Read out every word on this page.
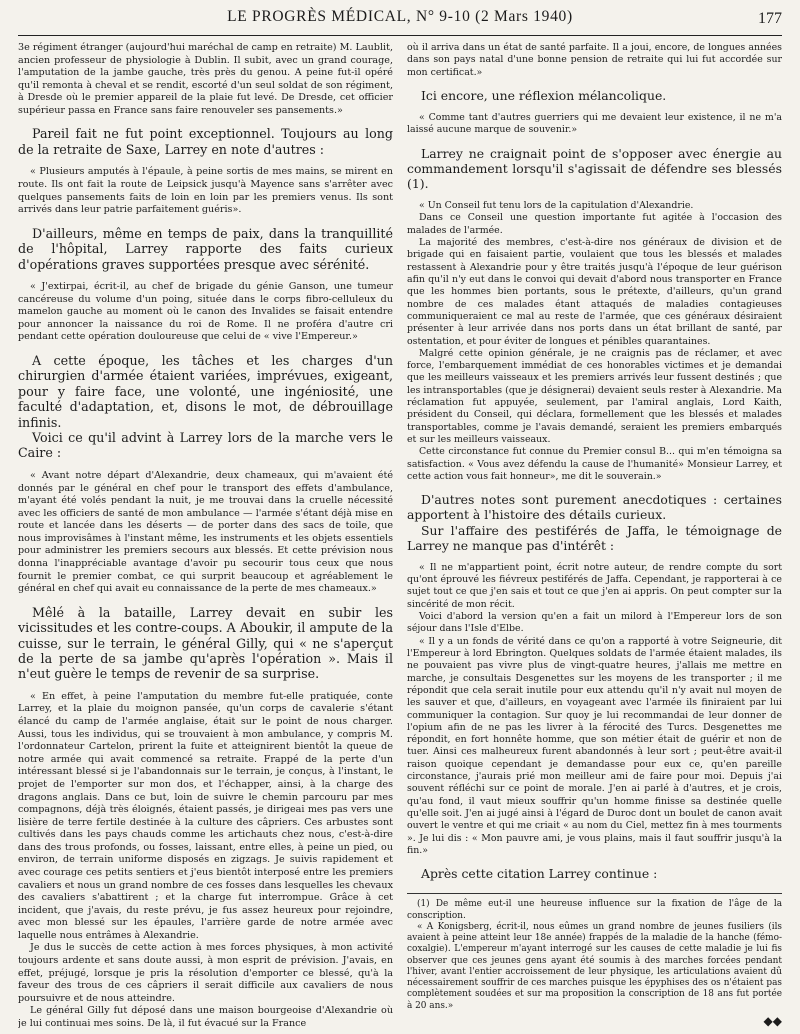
LE PROGRÈS MÉDICAL, N° 9-10 (2 Mars 1940)	177

3e régiment étranger (aujourd'hui maréchal de camp en retraite) M. Laublit, ancien professeur de physiologie à Dublin. Il subit, avec un grand courage, l'amputation de la jambe gauche, très près du genou. A peine fut-il opéré qu'il remonta à cheval et se rendit, escorté d'un seul soldat de son régiment, à Dresde où le premier appareil de la plaie fut levé. De Dresde, cet officier supérieur passa en France sans faire renouveler ses pansements.»

Pareil fait ne fut point exceptionnel. Toujours au long de la retraite de Saxe, Larrey en note d'autres :

« Plusieurs amputés à l'épaule, à peine sortis de mes mains, se mirent en route. Ils ont fait la route de Leipsick jusqu'à Mayence sans s'arrêter avec quelques pansements faits de loin en loin par les premiers venus. Ils sont arrivés dans leur patrie parfaitement guéris».

D'ailleurs, même en temps de paix, dans la tranquillité de l'hôpital, Larrey rapporte des faits curieux d'opérations graves supportées presque avec sérénité.

« J'extirpai, écrit-il, au chef de brigade du génie Ganson, une tumeur cancéreuse du volume d'un poing, située dans le corps fibro-celluleux du mamelon gauche au moment où le canon des Invalides se faisait entendre pour annoncer la naissance du roi de Rome. Il ne proféra d'autre cri pendant cette opération douloureuse que celui de « vive l'Empereur.»

A cette époque, les tâches et les charges d'un chirurgien d'armée étaient variées, imprévues, exigeant, pour y faire face, une volonté, une ingéniosité, une faculté d'adaptation, et, disons le mot, de débrouillage infinis.

Voici ce qu'il advint à Larrey lors de la marche vers le Caire :

« Avant notre départ d'Alexandrie, deux chameaux, qui m'avaient été donnés par le général en chef pour le transport des effets d'ambulance, m'ayant été volés pendant la nuit, je me trouvai dans la cruelle nécessité avec les officiers de santé de mon ambulance — l'armée s'étant déjà mise en route et lancée dans les déserts — de porter dans des sacs de toile, que nous improvisâmes à l'instant même, les instruments et les objets essentiels pour administrer les premiers secours aux blessés. Et cette prévision nous donna l'inappréciable avantage d'avoir pu secourir tous ceux que nous fournit le premier combat, ce qui surprit beaucoup et agréablement le général en chef qui avait eu connaissance de la perte de mes chameaux.»

Mêlé à la bataille, Larrey devait en subir les vicissitudes et les contre-coups. A Aboukir, il ampute de la cuisse, sur le terrain, le général Gilly, qui « ne s'aperçut de la perte de sa jambe qu'après l'opération ». Mais il n'eut guère le temps de revenir de sa surprise.

« En effet, à peine l'amputation du membre fut-elle pratiquée, conte Larrey, et la plaie du moignon pansée, qu'un corps de cavalerie s'étant élancé du camp de l'armée anglaise, était sur le point de nous charger. Aussi, tous les individus, qui se trouvaient à mon ambulance, y compris M. l'ordonnateur Cartelon, prirent la fuite et atteignirent bientôt la queue de notre armée qui avait commencé sa retraite. Frappé de la perte d'un intéressant blessé si je l'abandonnais sur le terrain, je conçus, à l'instant, le projet de l'emporter sur mon dos, et l'échapper, ainsi, à la charge des dragons anglais. Dans ce but, loin de suivre le chemin parcouru par mes compagnons, déjà très éloignés, étaient passés, je dirigeai mes pas vers une lisière de terre fertile destinée à la culture des câpriers. Ces arbustes sont cultivés dans les pays chauds comme les artichauts chez nous, c'est-à-dire dans des trous profonds, ou fosses, laissant, entre elles, à peine un pied, ou environ, de terrain uniforme disposés en zigzags. Je suivis rapidement et avec courage ces petits sentiers et j'eus bientôt interposé entre les premiers cavaliers et nous un grand nombre de ces fosses dans lesquelles les chevaux des cavaliers s'abattirent ; et la charge fut interrompue. Grâce à cet incident, que j'avais, du reste prévu, je fus assez heureux pour rejoindre, avec mon blessé sur les épaules, l'arrière garde de notre armée avec laquelle nous entrâmes à Alexandrie.

Je dus le succès de cette action à mes forces physiques, à mon activité toujours ardente et sans doute aussi, à mon esprit de prévision. J'avais, en effet, préjugé, lorsque je pris la résolution d'emporter ce blessé, qu'à la faveur des trous de ces câpriers il serait difficile aux cavaliers de nous poursuivre et de nous atteindre.

Le général Gilly fut déposé dans une maison bourgeoise d'Alexandrie où je lui continuai mes soins. De là, il fut évacué sur la France

où il arriva dans un état de santé parfaite. Il a joui, encore, de longues années dans son pays natal d'une bonne pension de retraite qui lui fut accordée sur mon certificat.»

Ici encore, une réflexion mélancolique.

« Comme tant d'autres guerriers qui me devaient leur existence, il ne m'a laissé aucune marque de souvenir.»

Larrey ne craignait point de s'opposer avec énergie au commandement lorsqu'il s'agissait de défendre ses blessés (1).

« Un Conseil fut tenu lors de la capitulation d'Alexandrie.

Dans ce Conseil une question importante fut agitée à l'occasion des malades de l'armée.

La majorité des membres, c'est-à-dire nos généraux de division et de brigade qui en faisaient partie, voulaient que tous les blessés et malades restassent à Alexandrie pour y être traités jusqu'à l'époque de leur guérison afin qu'il n'y eut dans le convoi qui devait d'abord nous transporter en France que les hommes bien portants, sous le prétexte, d'ailleurs, qu'un grand nombre de ces malades étant attaqués de maladies contagieuses communiqueraient ce mal au reste de l'armée, que ces généraux désiraient présenter à leur arrivée dans nos ports dans un état brillant de santé, par ostentation, et pour éviter de longues et pénibles quarantaines.

Malgré cette opinion générale, je ne craignis pas de réclamer, et avec force, l'embarquement immédiat de ces honorables victimes et je demandai que les meilleurs vaisseaux et les premiers arrivés leur fussent destinés ; que les intransportables (que je désignerai) devaient seuls rester à Alexandrie. Ma réclamation fut appuyée, seulement, par l'amiral anglais, Lord Kaith, président du Conseil, qui déclara, formellement que les blessés et malades transportables, comme je l'avais demandé, seraient les premiers embarqués et sur les meilleurs vaisseaux.

Cette circonstance fut connue du Premier consul B... qui m'en témoigna sa satisfaction. « Vous avez défendu la cause de l'humanité» Monsieur Larrey, et cette action vous fait honneur», me dit le souverain.»

D'autres notes sont purement anecdotiques : certaines apportent à l'histoire des détails curieux.

Sur l'affaire des pestiférés de Jaffa, le témoignage de Larrey ne manque pas d'intérêt :

« Il ne m'appartient point, écrit notre auteur, de rendre compte du sort qu'ont éprouvé les fiévreux pestiférés de Jaffa. Cependant, je rapporterai à ce sujet tout ce que j'en sais et tout ce que j'en ai appris. On peut compter sur la sincérité de mon récit.

Voici d'abord la version qu'en a fait un milord à l'Empereur lors de son séjour dans l'Isle d'Elbe.

« Il y a un fonds de vérité dans ce qu'on a rapporté à votre Seigneurie, dit l'Empereur à lord Ebrington. Quelques soldats de l'armée étaient malades, ils ne pouvaient pas vivre plus de vingt-quatre heures, j'allais me mettre en marche, je consultais Desgenettes sur les moyens de les transporter ; il me répondit que cela serait inutile pour eux attendu qu'il n'y avait nul moyen de les sauver et que, d'ailleurs, en voyageant avec l'armée ils finiraient par lui communiquer la contagion. Sur quoy je lui recommandai de leur donner de l'opium afin de ne pas les livrer à la férocité des Turcs. Desgenettes me répondit, en fort honnête homme, que son métier était de guérir et non de tuer. Ainsi ces malheureux furent abandonnés à leur sort ; peut-être avait-il raison quoique cependant je demandasse pour eux ce, qu'en pareille circonstance, j'aurais prié mon meilleur ami de faire pour moi. Depuis j'ai souvent réfléchi sur ce point de morale. J'en ai parlé à d'autres, et je crois, qu'au fond, il vaut mieux souffrir qu'un homme finisse sa destinée quelle qu'elle soit. J'en ai jugé ainsi à l'égard de Duroc dont un boulet de canon avait ouvert le ventre et qui me criait « au nom du Ciel, mettez fin à mes tourments ». Je lui dis : « Mon pauvre ami, je vous plains, mais il faut souffrir jusqu'à la fin.»

Après cette citation Larrey continue :

(1) De même eut-il une heureuse influence sur la fixation de l'âge de la conscription.

« A Konigsberg, écrit-il, nous eûmes un grand nombre de jeunes fusiliers (ils avaient à peine atteint leur 18e année) frappés de la maladie de la hanche (fémo-coxalgie). L'empereur m'ayant interrogé sur les causes de cette maladie je lui fis observer que ces jeunes gens ayant été soumis à des marches forcées pendant l'hiver, avant l'entier accroissement de leur physique, les articulations avaient dû nécessairement souffrir de ces marches puisque les épyphises des os n'étaient pas complètement soudées et sur ma proposition la conscription de 18 ans fut portée à 20 ans.»

◆◆
